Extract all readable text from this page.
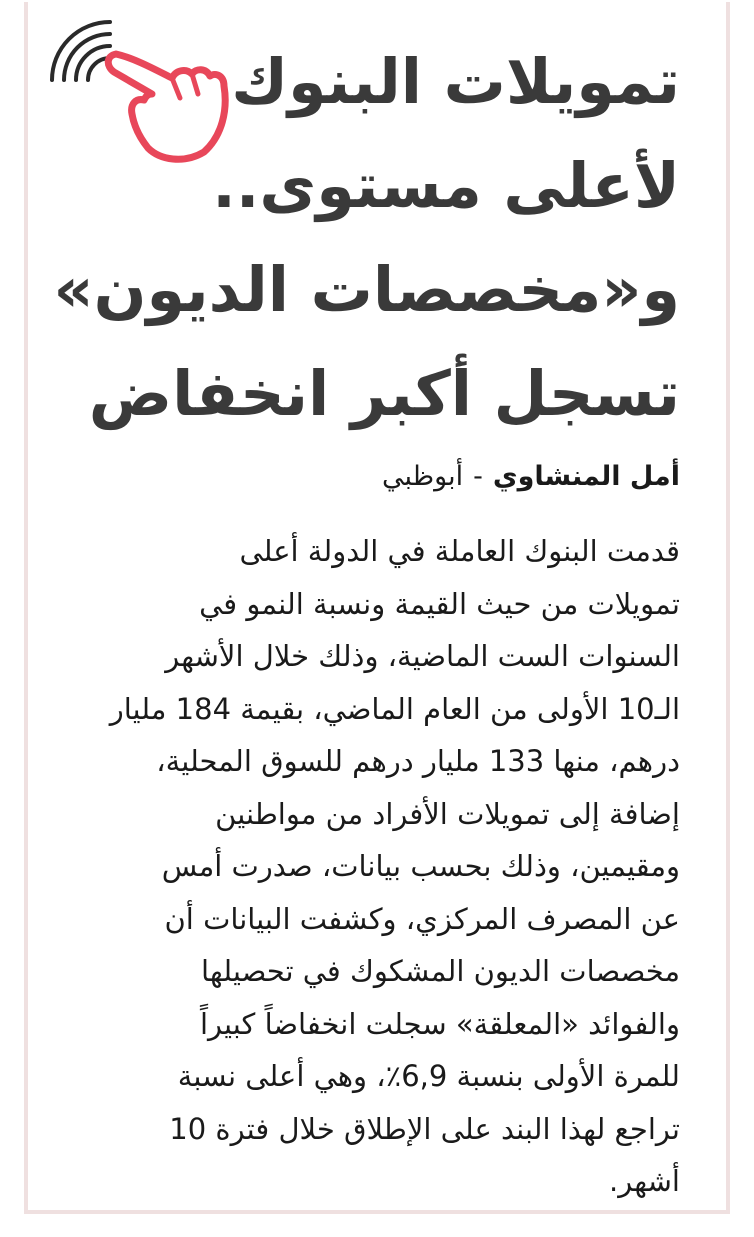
تمويلات البنوك
لأعلى مستوى..
و«مخصصات الديون»
تسجل أكبر انخفاض
أمل المنشاوي-أبوظبي
قدمت البنوك العاملة في الدولة أعلى
تمويلات من حيث القيمة ونسبة النمو في
السنوات الست الماضية، وذلك خلال الأشهر
الـ10 الأولى من العام الماضي، بقيمة 184 مليار
درهم، منها 133 مليار درهم للسوق المحلية،
إضافة إلى تمويلات الأفراد من مواطنين
ومقيمين، وذلك بحسب بيانات، صدرت أمس
عن المصرف المركزي، وكشفت البيانات أن
مخصصات الديون المشكوك في تحصيلها
والفوائد «المعلقة» سجلت انخفاضاً كبيراً
للمرة الأولى بنسبة 6,9٪، وهي أعلى نسبة
تراجع لهذا البند على الإطلاق خلال فترة 10
أشهر.
